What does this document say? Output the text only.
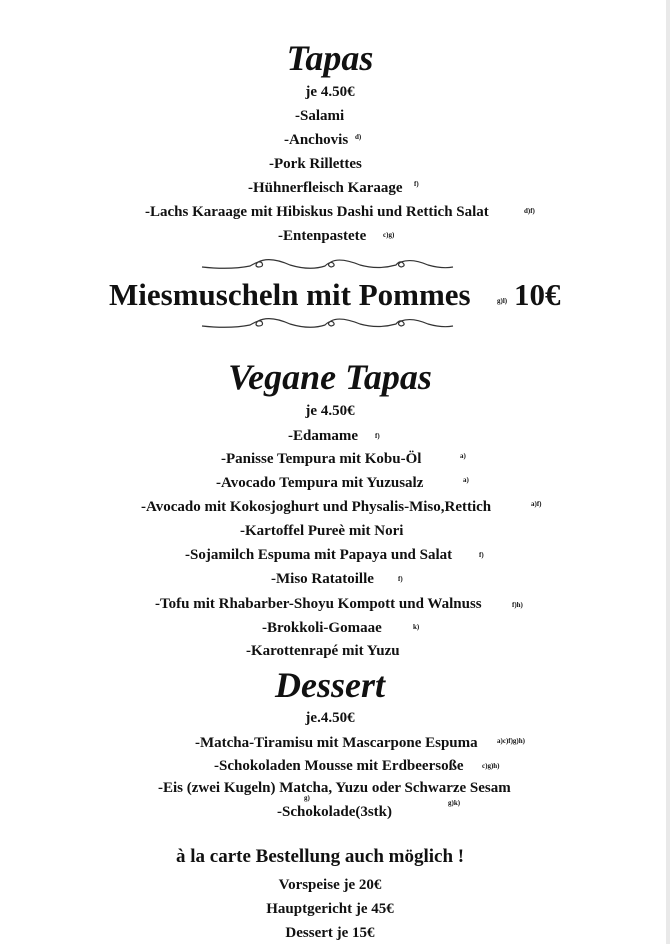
Tapas
je 4.50€
-Salami
-Anchovis d)
-Pork Rillettes
-Hühnerfleisch Karaage f)
-Lachs Karaage mit Hibiskus Dashi und Rettich Salat	d)f)
-Entenpastete c)g)
Miesmuscheln mit Pommes	g)l) 10€
Vegane Tapas
je 4.50€
-Edamame f)
-Panisse Tempura mit Kobu-Öl	a)
-Avocado Tempura mit Yuzusalz	a)
-Avocado mit Kokosjoghurt und Physalis-Miso,Rettich	a)f)
-Kartoffel Pureè mit Nori
-Sojamilch Espuma mit Papaya und Salat	f)
-Miso Ratatoille	f)
-Tofu mit Rhabarber-Shoyu Kompott und Walnuss	f)h)
-Brokkoli-Gomaae	k)
-Karottenrapé mit Yuzu
Dessert
je.4.50€
-Matcha-Tiramisu mit Mascarpone Espuma	a)c)f)g)h)
-Schokoladen Mousse mit Erdbeersoße	c)g)h)
-Eis (zwei Kugeln) Matcha, Yuzu oder Schwarze Sesam
g)
-Schokolade(3stk)
g)k)
à la carte Bestellung auch möglich !
Vorspeise je 20€
Hauptgericht je 45€
Dessert je 15€
